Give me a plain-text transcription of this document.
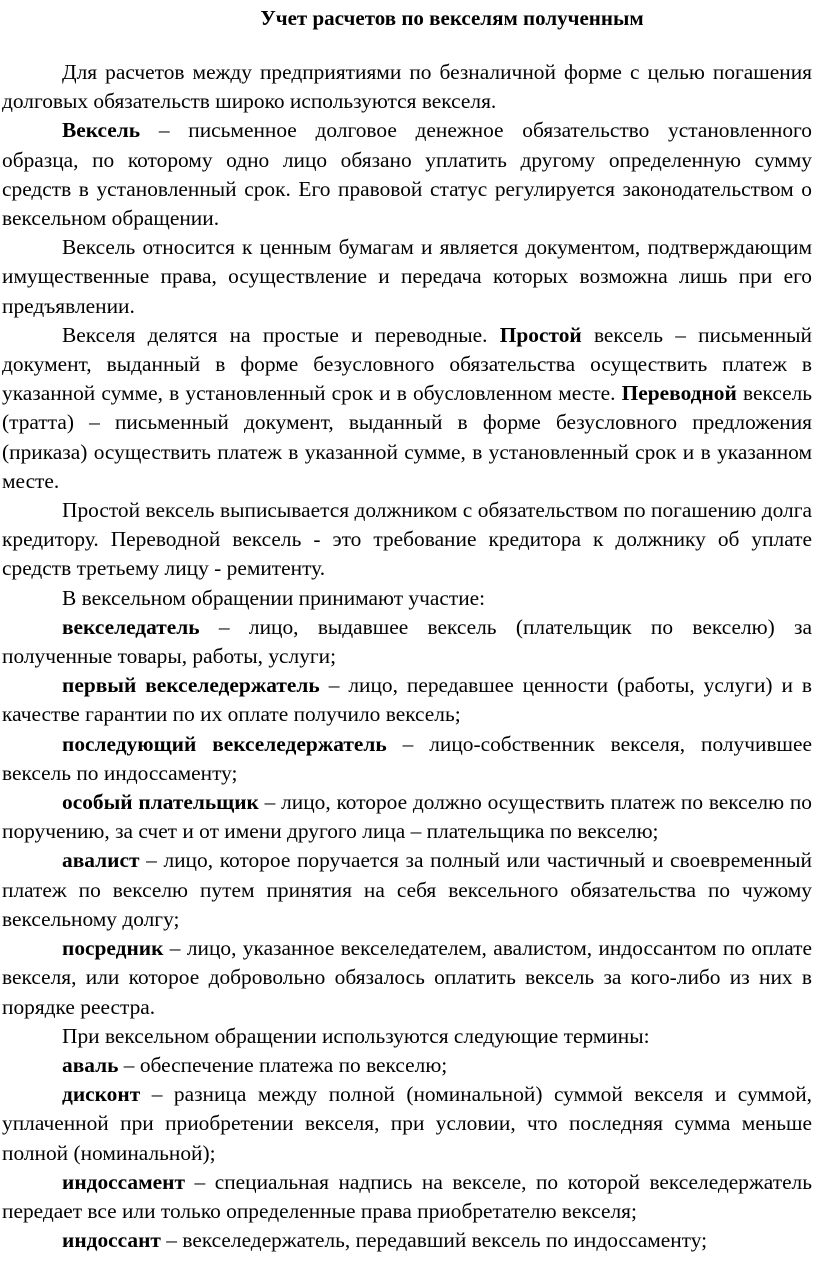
Учет расчетов по векселям полученным

Для расчетов между предприятиями по безналичной форме с целью погашения долговых обязательств широко используются векселя.

Вексель – письменное долговое денежное обязательство установленного образца, по которому одно лицо обязано уплатить другому определенную сумму средств в установленный срок. Его правовой статус регулируется законодательством о вексельном обращении.

Вексель относится к ценным бумагам и является документом, подтверждающим имущественные права, осуществление и передача которых возможна лишь при его предъявлении.

Векселя делятся на простые и переводные. Простой вексель – письменный документ, выданный в форме безусловного обязательства осуществить платеж в указанной сумме, в установленный срок и в обусловленном месте. Переводной вексель (тратта) – письменный документ, выданный в форме безусловного предложения (приказа) осуществить платеж в указанной сумме, в установленный срок и в указанном месте.

Простой вексель выписывается должником с обязательством по погашению долга кредитору. Переводной вексель - это требование кредитора к должнику об уплате средств третьему лицу - ремитенту.

В вексельном обращении принимают участие:

векселедатель – лицо, выдавшее вексель (плательщик по векселю) за полученные товары, работы, услуги;

первый векселедержатель – лицо, передавшее ценности (работы, услуги) и в качестве гарантии по их оплате получило вексель;

последующий векселедержатель – лицо-собственник векселя, получившее вексель по индоссаменту;

особый плательщик – лицо, которое должно осуществить платеж по векселю по поручению, за счет и от имени другого лица – плательщика по векселю;

авалист – лицо, которое поручается за полный или частичный и своевременный платеж по векселю путем принятия на себя вексельного обязательства по чужому вексельному долгу;

посредник – лицо, указанное векселедателем, авалистом, индоссантом по оплате векселя, или которое добровольно обязалось оплатить вексель за кого-либо из них в порядке реестра.

При вексельном обращении используются следующие термины:

аваль – обеспечение платежа по векселю;

дисконт – разница между полной (номинальной) суммой векселя и суммой, уплаченной при приобретении векселя, при условии, что последняя сумма меньше полной (номинальной);

индоссамент – специальная надпись на векселе, по которой векселедержатель передает все или только определенные права приобретателю векселя;

индоссант – векселедержатель, передавший вексель по индоссаменту;
